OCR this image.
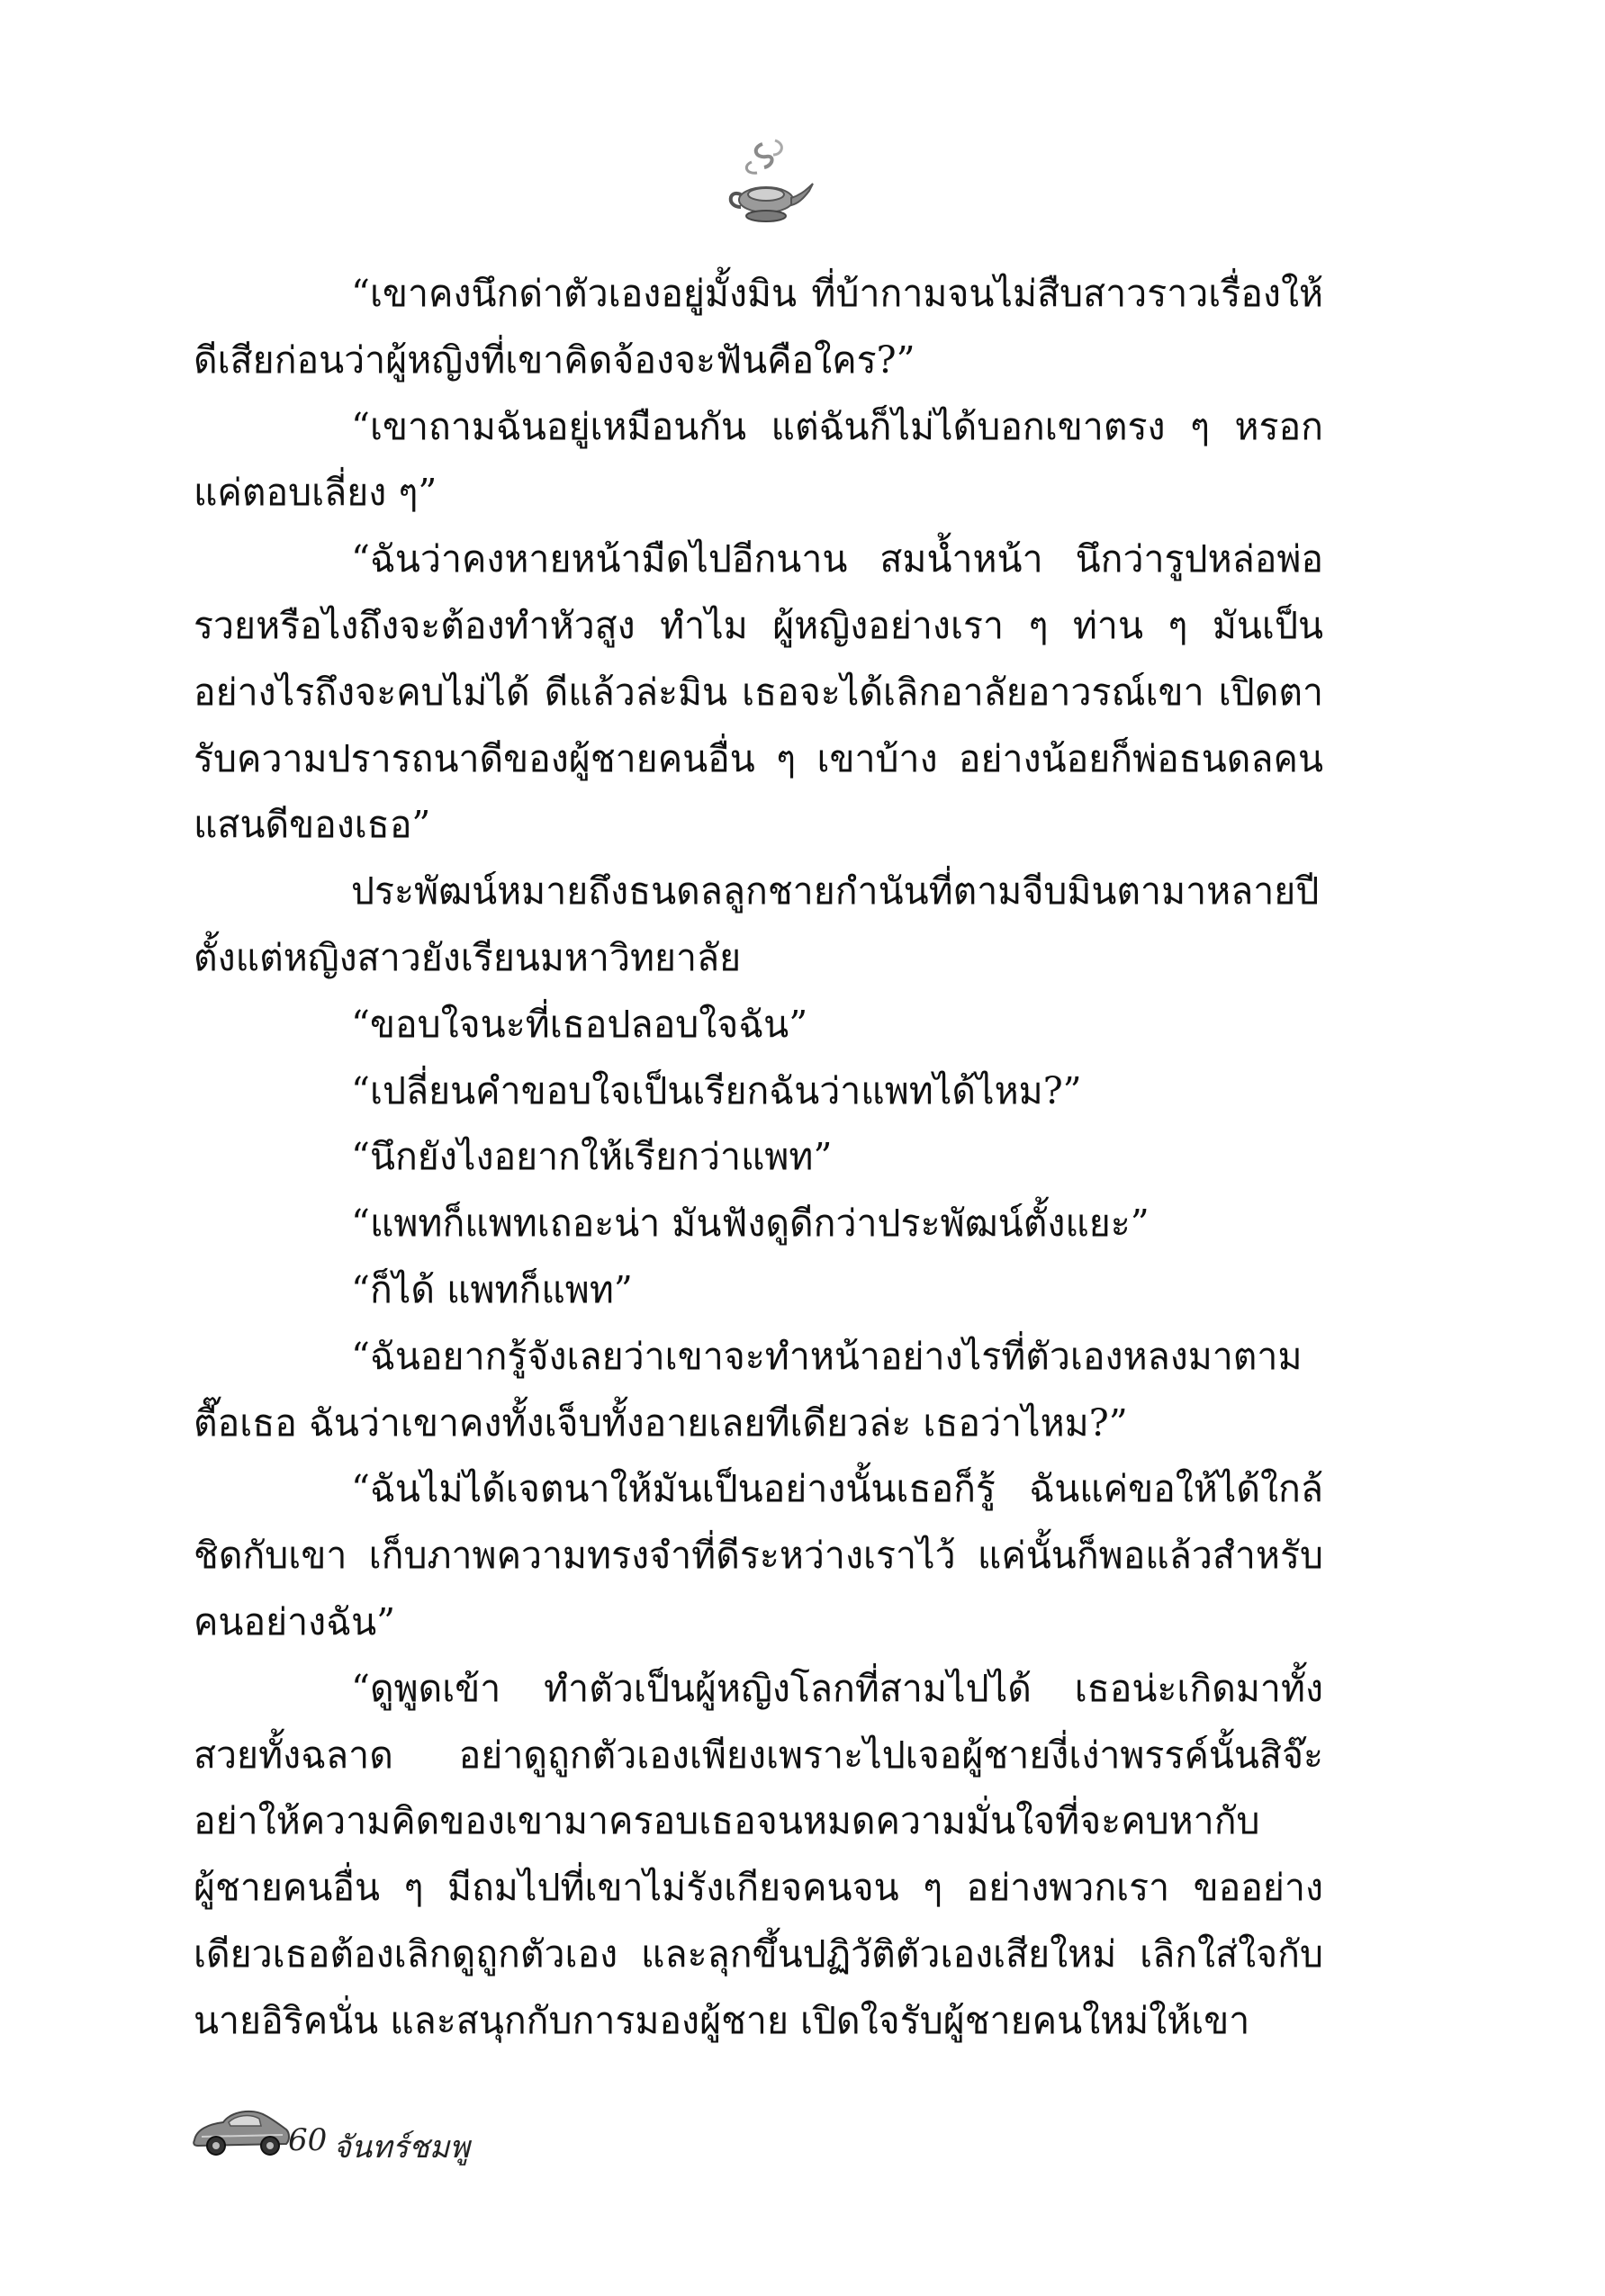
“เขาคงนึกด่าตัวเองอยู่มั้งมิน ที่บ้ากามจนไม่สืบสาวราวเรื่องให้ดีเสียก่อนว่าผู้หญิงที่เขาคิดจ้องจะฟันคือใคร?”

“เขาถามฉันอยู่เหมือนกัน แต่ฉันก็ไม่ได้บอกเขาตรง ๆ หรอกแค่ตอบเลี่ยง ๆ”

“ฉันว่าคงหายหน้ามืดไปอีกนาน สมน้ำหน้า นึกว่ารูปหล่อพ่อรวยหรือไงถึงจะต้องทำหัวสูง ทำไม ผู้หญิงอย่างเรา ๆ ท่าน ๆ มันเป็นอย่างไรถึงจะคบไม่ได้ ดีแล้วล่ะมิน เธอจะได้เลิกอาลัยอาวรณ์เขา เปิดตารับความปรารถนาดีของผู้ชายคนอื่น ๆ เขาบ้าง อย่างน้อยก็พ่อธนดลคนแสนดีของเธอ”

ประพัฒน์หมายถึงธนดลลูกชายกำนันที่ตามจีบมินตามาหลายปีตั้งแต่หญิงสาวยังเรียนมหาวิทยาลัย

“ขอบใจนะที่เธอปลอบใจฉัน”

“เปลี่ยนคำขอบใจเป็นเรียกฉันว่าแพทได้ไหม?”

“นึกยังไงอยากให้เรียกว่าแพท”

“แพทก็แพทเถอะน่า มันฟังดูดีกว่าประพัฒน์ตั้งแยะ”

“ก็ได้ แพทก็แพท”

“ฉันอยากรู้จังเลยว่าเขาจะทำหน้าอย่างไรที่ตัวเองหลงมาตามตื๊อเธอ ฉันว่าเขาคงทั้งเจ็บทั้งอายเลยทีเดียวล่ะ เธอว่าไหม?”

“ฉันไม่ได้เจตนาให้มันเป็นอย่างนั้นเธอก็รู้ ฉันแค่ขอให้ได้ใกล้ชิดกับเขา เก็บภาพความทรงจำที่ดีระหว่างเราไว้ แค่นั้นก็พอแล้วสำหรับคนอย่างฉัน”

“ดูพูดเข้า ทำตัวเป็นผู้หญิงโลกที่สามไปได้ เธอน่ะเกิดมาทั้งสวยทั้งฉลาด อย่าดูถูกตัวเองเพียงเพราะไปเจอผู้ชายงี่เง่าพรรค์นั้นสิจ๊ะ อย่าให้ความคิดของเขามาครอบเธอจนหมดความมั่นใจที่จะคบหากับผู้ชายคนอื่น ๆ มีถมไปที่เขาไม่รังเกียจคนจน ๆ อย่างพวกเรา ขออย่างเดียวเธอต้องเลิกดูถูกตัวเอง และลุกขึ้นปฏิวัติตัวเองเสียใหม่ เลิกใส่ใจกับนายอิริคนั่น และสนุกกับการมองผู้ชาย เปิดใจรับผู้ชายคนใหม่ให้เขา

60 จันทร์ชมพู
